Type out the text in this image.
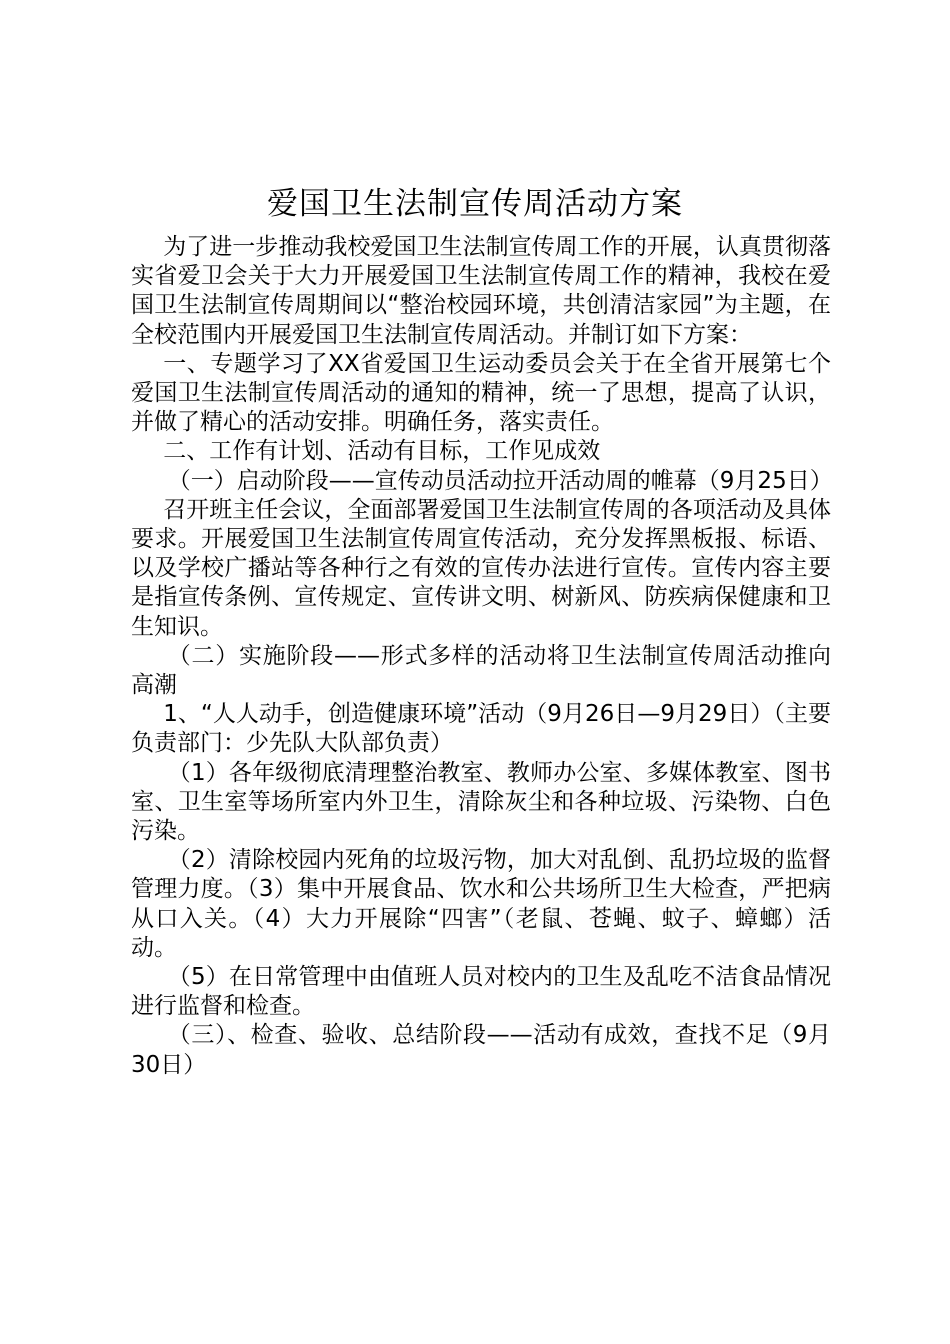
爱国卫生法制宣传周活动方案

为了进一步推动我校爱国卫生法制宣传周工作的开展，认真贯彻落实省爱卫会关于大力开展爱国卫生法制宣传周工作的精神，我校在爱国卫生法制宣传周期间以“整治校园环境，共创清洁家园”为主题，在全校范围内开展爱国卫生法制宣传周活动。并制订如下方案：

一、专题学习了XX省爱国卫生运动委员会关于在全省开展第七个爱国卫生法制宣传周活动的通知的精神，统一了思想，提高了认识，并做了精心的活动安排。明确任务，落实责任。

二、工作有计划、活动有目标，工作见成效

（一）启动阶段——宣传动员活动拉开活动周的帷幕（9月25日）

召开班主任会议，全面部署爱国卫生法制宣传周的各项活动及具体要求。开展爱国卫生法制宣传周宣传活动，充分发挥黑板报、标语、以及学校广播站等各种行之有效的宣传办法进行宣传。宣传内容主要是指宣传条例、宣传规定、宣传讲文明、树新风、防疾病保健康和卫生知识。

（二）实施阶段——形式多样的活动将卫生法制宣传周活动推向高潮

1、“人人动手，创造健康环境”活动（9月26日—9月29日）（主要负责部门：少先队大队部负责）

（1）各年级彻底清理整治教室、教师办公室、多媒体教室、图书室、卫生室等场所室内外卫生，清除灰尘和各种垃圾、污染物、白色污染。

（2）清除校园内死角的垃圾污物，加大对乱倒、乱扔垃圾的监督管理力度。（3）集中开展食品、饮水和公共场所卫生大检查，严把病从口入关。（4）大力开展除“四害”（老鼠、苍蝇、蚊子、蟑螂）活动。

（5）在日常管理中由值班人员对校内的卫生及乱吃不洁食品情况进行监督和检查。

（三）、检查、验收、总结阶段——活动有成效，查找不足（9月30日）
